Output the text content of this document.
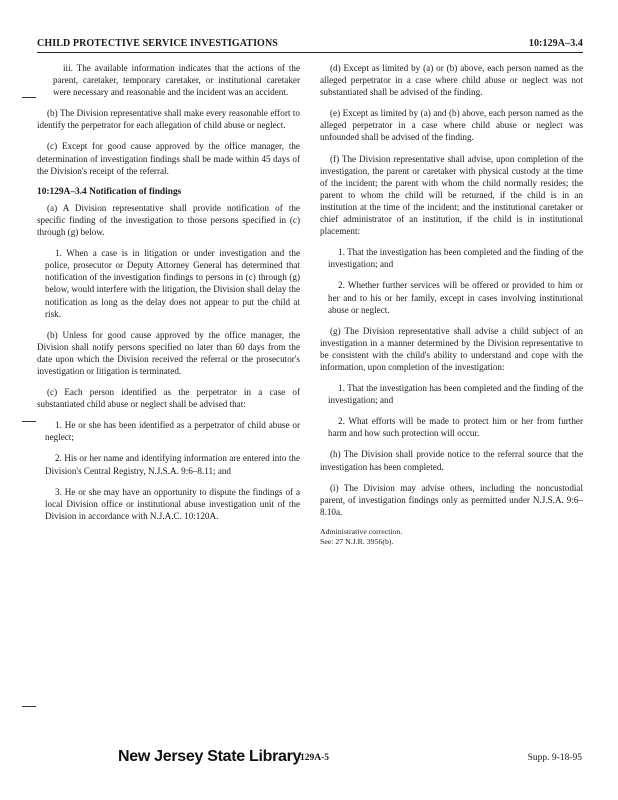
CHILD PROTECTIVE SERVICE INVESTIGATIONS	10:129A–3.4

iii. The available information indicates that the actions of the parent, caretaker, temporary caretaker, or institutional caretaker were necessary and reasonable and the incident was an accident.

(b) The Division representative shall make every reasonable effort to identify the perpetrator for each allegation of child abuse or neglect.

(c) Except for good cause approved by the office manager, the determination of investigation findings shall be made within 45 days of the Division's receipt of the referral.

10:129A–3.4 Notification of findings

(a) A Division representative shall provide notification of the specific finding of the investigation to those persons specified in (c) through (g) below.

1. When a case is in litigation or under investigation and the police, prosecutor or Deputy Attorney General has determined that notification of the investigation findings to persons in (c) through (g) below, would interfere with the litigation, the Division shall delay the notification as long as the delay does not appear to put the child at risk.

(b) Unless for good cause approved by the office manager, the Division shall notify persons specified no later than 60 days from the date upon which the Division received the referral or the prosecutor's investigation or litigation is terminated.

(c) Each person identified as the perpetrator in a case of substantiated child abuse or neglect shall be advised that:

1. He or she has been identified as a perpetrator of child abuse or neglect;

2. His or her name and identifying information are entered into the Division's Central Registry, N.J.S.A. 9:6–8.11; and

3. He or she may have an opportunity to dispute the findings of a local Division office or institutional abuse investigation unit of the Division in accordance with N.J.A.C. 10:120A.

(d) Except as limited by (a) or (b) above, each person named as the alleged perpetrator in a case where child abuse or neglect was not substantiated shall be advised of the finding.

(e) Except as limited by (a) and (b) above, each person named as the alleged perpetrator in a case where child abuse or neglect was unfounded shall be advised of the finding.

(f) The Division representative shall advise, upon completion of the investigation, the parent or caretaker with physical custody at the time of the incident; the parent with whom the child normally resides; the parent to whom the child will be returned, if the child is in an institution at the time of the incident; and the institutional caretaker or chief administrator of an institution, if the child is in institutional placement:

1. That the investigation has been completed and the finding of the investigation; and

2. Whether further services will be offered or provided to him or her and to his or her family, except in cases involving institutional abuse or neglect.

(g) The Division representative shall advise a child subject of an investigation in a manner determined by the Division representative to be consistent with the child's ability to understand and cope with the information, upon completion of the investigation:

1. That the investigation has been completed and the finding of the investigation; and

2. What efforts will be made to protect him or her from further harm and how such protection will occur.

(h) The Division shall provide notice to the referral source that the investigation has been completed.

(i) The Division may advise others, including the noncustodial parent, of investigation findings only as permitted under N.J.S.A. 9:6–8.10a.

Administrative correction.

See: 27 N.J.R. 3956(b).

New Jersey State Library
129A-5	Supp. 9-18-95
